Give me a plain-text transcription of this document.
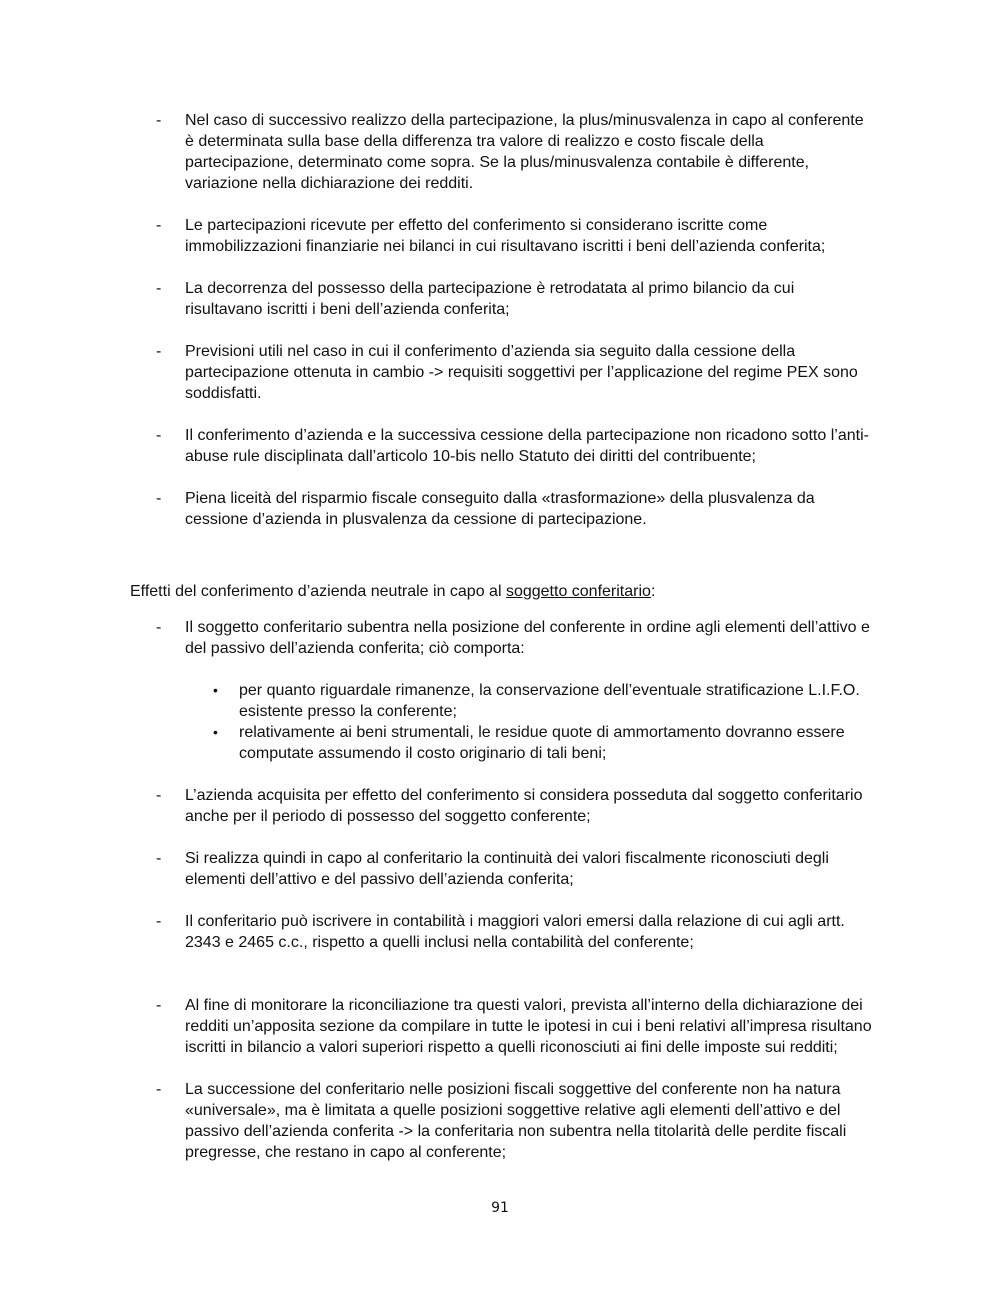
- Nel caso di successivo realizzo della partecipazione, la plus/minusvalenza in capo al conferente è determinata sulla base della differenza tra valore di realizzo e costo fiscale della partecipazione, determinato come sopra. Se la plus/minusvalenza contabile è differente, variazione nella dichiarazione dei redditi.
- Le partecipazioni ricevute per effetto del conferimento si considerano iscritte come immobilizzazioni finanziarie nei bilanci in cui risultavano iscritti i beni dell’azienda conferita;
- La decorrenza del possesso della partecipazione è retrodatata al primo bilancio da cui risultavano iscritti i beni dell’azienda conferita;
- Previsioni utili nel caso in cui il conferimento d’azienda sia seguito dalla cessione della partecipazione ottenuta in cambio -> requisiti soggettivi per l’applicazione del regime PEX sono soddisfatti.
- Il conferimento d’azienda e la successiva cessione della partecipazione non ricadono sotto l’anti-abuse rule disciplinata dall’articolo 10-bis nello Statuto dei diritti del contribuente;
- Piena liceità del risparmio fiscale conseguito dalla «trasformazione» della plusvalenza da cessione d’azienda in plusvalenza da cessione di partecipazione.

Effetti del conferimento d’azienda neutrale in capo al soggetto conferitario:

- Il soggetto conferitario subentra nella posizione del conferente in ordine agli elementi dell’attivo e del passivo dell’azienda conferita; ciò comporta:
• per quanto riguardale rimanenze, la conservazione dell’eventuale stratificazione L.I.F.O. esistente presso la conferente;
• relativamente ai beni strumentali, le residue quote di ammortamento dovranno essere computate assumendo il costo originario di tali beni;
- L’azienda acquisita per effetto del conferimento si considera posseduta dal soggetto conferitario anche per il periodo di possesso del soggetto conferente;
- Si realizza quindi in capo al conferitario la continuità dei valori fiscalmente riconosciuti degli elementi dell’attivo e del passivo dell’azienda conferita;
- Il conferitario può iscrivere in contabilità i maggiori valori emersi dalla relazione di cui agli artt. 2343 e 2465 c.c., rispetto a quelli inclusi nella contabilità del conferente;
- Al fine di monitorare la riconciliazione tra questi valori, prevista all’interno della dichiarazione dei redditi un’apposita sezione da compilare in tutte le ipotesi in cui i beni relativi all’impresa risultano iscritti in bilancio a valori superiori rispetto a quelli riconosciuti ai fini delle imposte sui redditi;
- La successione del conferitario nelle posizioni fiscali soggettive del conferente non ha natura «universale», ma è limitata a quelle posizioni soggettive relative agli elementi dell’attivo e del passivo dell’azienda conferita -> la conferitaria non subentra nella titolarità delle perdite fiscali pregresse, che restano in capo al conferente;
91
